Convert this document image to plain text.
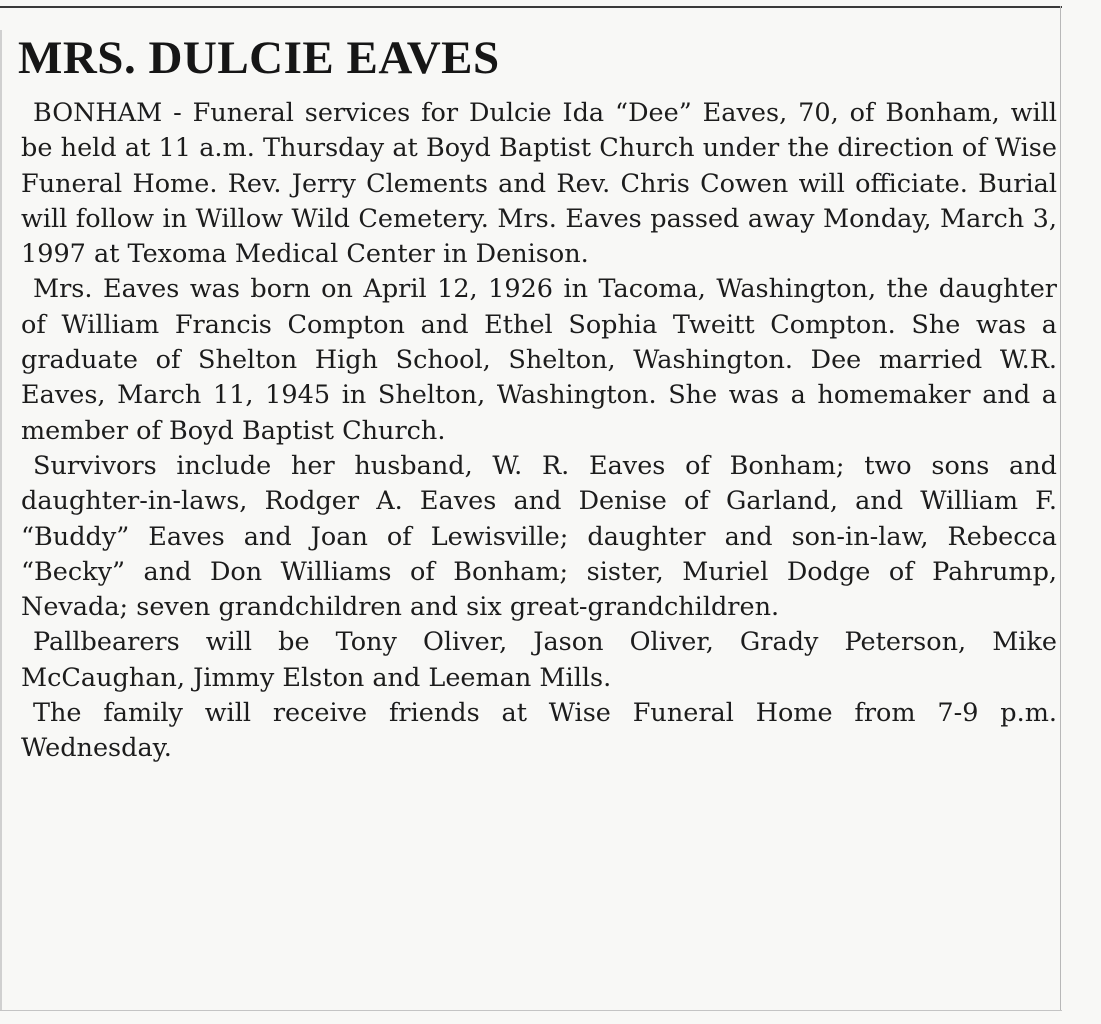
MRS. DULCIE EAVES

BONHAM - Funeral services for Dulcie Ida “Dee” Eaves, 70, of Bonham, will be held at 11 a.m. Thursday at Boyd Baptist Church under the direction of Wise Funeral Home. Rev. Jerry Clements and Rev. Chris Cowen will officiate. Burial will follow in Willow Wild Cemetery. Mrs. Eaves passed away Monday, March 3, 1997 at Texoma Medical Center in Denison.

Mrs. Eaves was born on April 12, 1926 in Tacoma, Washington, the daughter of William Francis Compton and Ethel Sophia Tweitt Compton. She was a graduate of Shelton High School, Shelton, Washington. Dee married W.R. Eaves, March 11, 1945 in Shelton, Washington. She was a homemaker and a member of Boyd Baptist Church.

Survivors include her husband, W. R. Eaves of Bonham; two sons and daughter-in-laws, Rodger A. Eaves and Denise of Garland, and William F. “Buddy” Eaves and Joan of Lewisville; daughter and son-in-law, Rebecca “Becky” and Don Williams of Bonham; sister, Muriel Dodge of Pahrump, Nevada; seven grandchildren and six great-grandchildren.

Pallbearers will be Tony Oliver, Jason Oliver, Grady Peterson, Mike McCaughan, Jimmy Elston and Leeman Mills.

The family will receive friends at Wise Funeral Home from 7-9 p.m. Wednesday.
